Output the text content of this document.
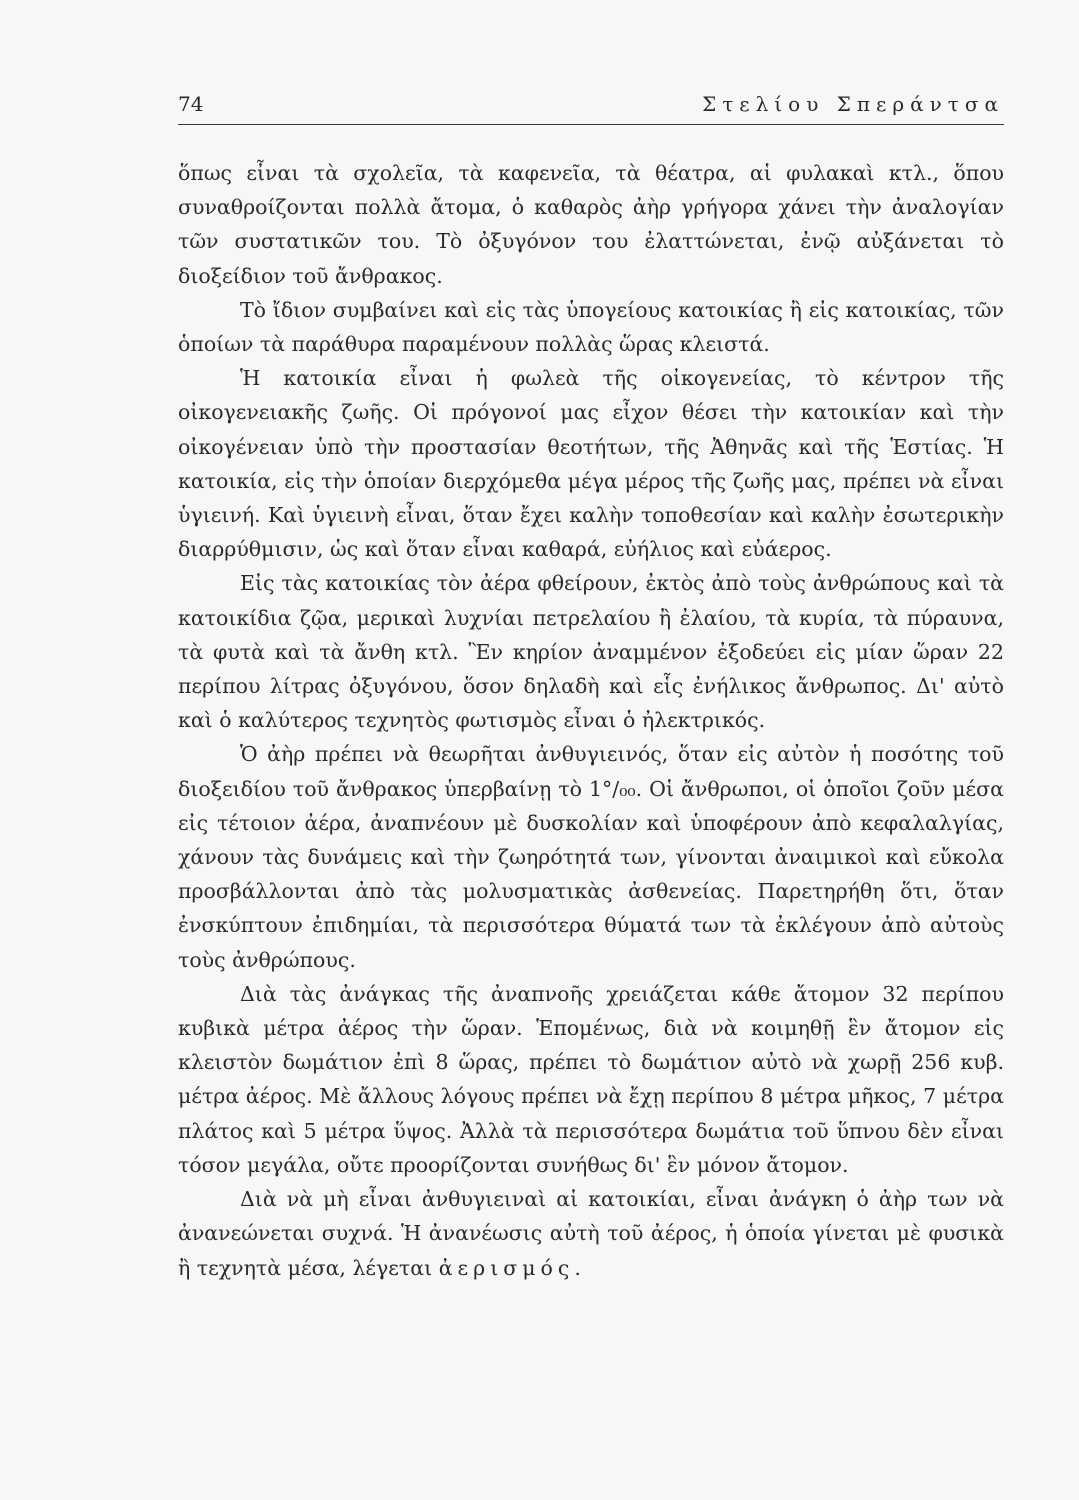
74	Στελίου Σπεράντσα

ὅπως εἶναι τὰ σχολεῖα, τὰ καφενεῖα, τὰ θέατρα, αἱ φυλακαὶ κτλ., ὅπου συναθροίζονται πολλὰ ἄτομα, ὁ καθαρὸς ἀὴρ γρήγορα χάνει τὴν ἀναλογίαν τῶν συστατικῶν του. Τὸ ὀξυγόνον του ἐλαττώνεται, ἐνῷ αὐξάνεται τὸ διοξείδιον τοῦ ἄνθρακος.

Τὸ ἴδιον συμβαίνει καὶ εἰς τὰς ὑπογείους κατοικίας ἢ εἰς κατοικίας, τῶν ὁποίων τὰ παράθυρα παραμένουν πολλὰς ὥρας κλειστά.

Ἡ κατοικία εἶναι ἡ φωλεὰ τῆς οἰκογενείας, τὸ κέντρον τῆς οἰκογενειακῆς ζωῆς. Οἱ πρόγονοί μας εἶχον θέσει τὴν κατοικίαν καὶ τὴν οἰκογένειαν ὑπὸ τὴν προστασίαν θεοτήτων, τῆς Ἀθηνᾶς καὶ τῆς Ἑστίας. Ἡ κατοικία, εἰς τὴν ὁποίαν διερχόμεθα μέγα μέρος τῆς ζωῆς μας, πρέπει νὰ εἶναι ὑγιεινή. Καὶ ὑγιεινὴ εἶναι, ὅταν ἔχει καλὴν τοποθεσίαν καὶ καλὴν ἐσωτερικὴν διαρρύθμισιν, ὡς καὶ ὅταν εἶναι καθαρά, εὐήλιος καὶ εὐάερος.

Εἰς τὰς κατοικίας τὸν ἀέρα φθείρουν, ἐκτὸς ἀπὸ τοὺς ἀνθρώπους καὶ τὰ κατοικίδια ζῷα, μερικαὶ λυχνίαι πετρελαίου ἢ ἐλαίου, τὰ κυρία, τὰ πύραυνα, τὰ φυτὰ καὶ τὰ ἄνθη κτλ. Ἓν κηρίον ἀναμμένον ἐξοδεύει εἰς μίαν ὥραν 22 περίπου λίτρας ὀξυγόνου, ὅσον δηλαδὴ καὶ εἷς ἐνήλικος ἄνθρωπος. Δι' αὐτὸ καὶ ὁ καλύτερος τεχνητὸς φωτισμὸς εἶναι ὁ ἠλεκτρικός.

Ὁ ἀὴρ πρέπει νὰ θεωρῆται ἀνθυγιεινός, ὅταν εἰς αὐτὸν ἡ ποσότης τοῦ διοξειδίου τοῦ ἄνθρακος ὑπερβαίνῃ τὸ 1°/₀₀. Οἱ ἄνθρωποι, οἱ ὁποῖοι ζοῦν μέσα εἰς τέτοιον ἀέρα, ἀναπνέουν μὲ δυσκολίαν καὶ ὑποφέρουν ἀπὸ κεφαλαλγίας, χάνουν τὰς δυνάμεις καὶ τὴν ζωηρότητά των, γίνονται ἀναιμικοὶ καὶ εὔκολα προσβάλλονται ἀπὸ τὰς μολυσματικὰς ἀσθενείας. Παρετηρήθη ὅτι, ὅταν ἐνσκύπτουν ἐπιδημίαι, τὰ περισσότερα θύματά των τὰ ἐκλέγουν ἀπὸ αὐτοὺς τοὺς ἀνθρώπους.

Διὰ τὰς ἀνάγκας τῆς ἀναπνοῆς χρειάζεται κάθε ἄτομον 32 περίπου κυβικὰ μέτρα ἀέρος τὴν ὥραν. Ἑπομένως, διὰ νὰ κοιμηθῇ ἓν ἄτομον εἰς κλειστὸν δωμάτιον ἐπὶ 8 ὥρας, πρέπει τὸ δωμάτιον αὐτὸ νὰ χωρῇ 256 κυβ. μέτρα ἀέρος. Μὲ ἄλλους λόγους πρέπει νὰ ἔχῃ περίπου 8 μέτρα μῆκος, 7 μέτρα πλάτος καὶ 5 μέτρα ὕψος. Ἀλλὰ τὰ περισσότερα δωμάτια τοῦ ὕπνου δὲν εἶναι τόσον μεγάλα, οὔτε προορίζονται συνήθως δι' ἓν μόνον ἄτομον.

Διὰ νὰ μὴ εἶναι ἀνθυγιειναὶ αἱ κατοικίαι, εἶναι ἀνάγκη ὁ ἀὴρ των νὰ ἀνανεώνεται συχνά. Ἡ ἀνανέωσις αὐτὴ τοῦ ἀέρος, ἡ ὁποία γίνεται μὲ φυσικὰ ἢ τεχνητὰ μέσα, λέγεται ἀερισμός.
